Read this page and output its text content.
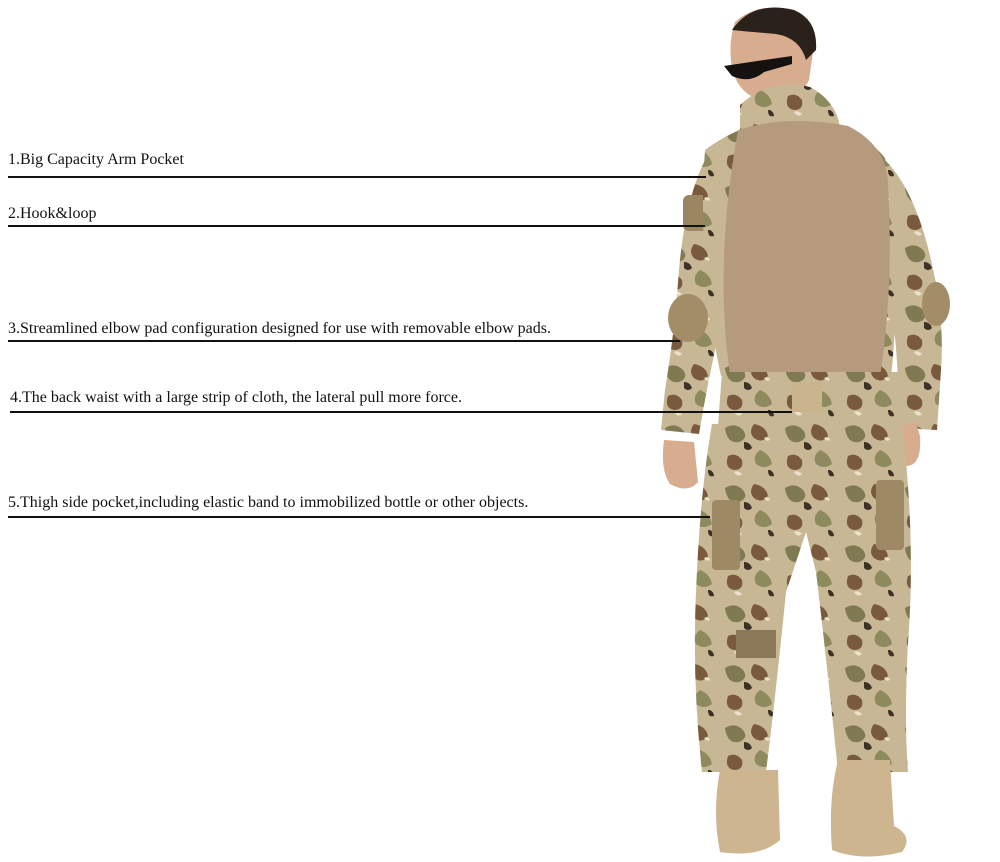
1.Big Capacity Arm Pocket
2.Hook&loop
3.Streamlined elbow pad configuration designed for use with removable elbow pads.
4.The back waist with a large strip of cloth, the lateral pull more force.
5.Thigh side pocket,including elastic band to immobilized bottle or other objects.
